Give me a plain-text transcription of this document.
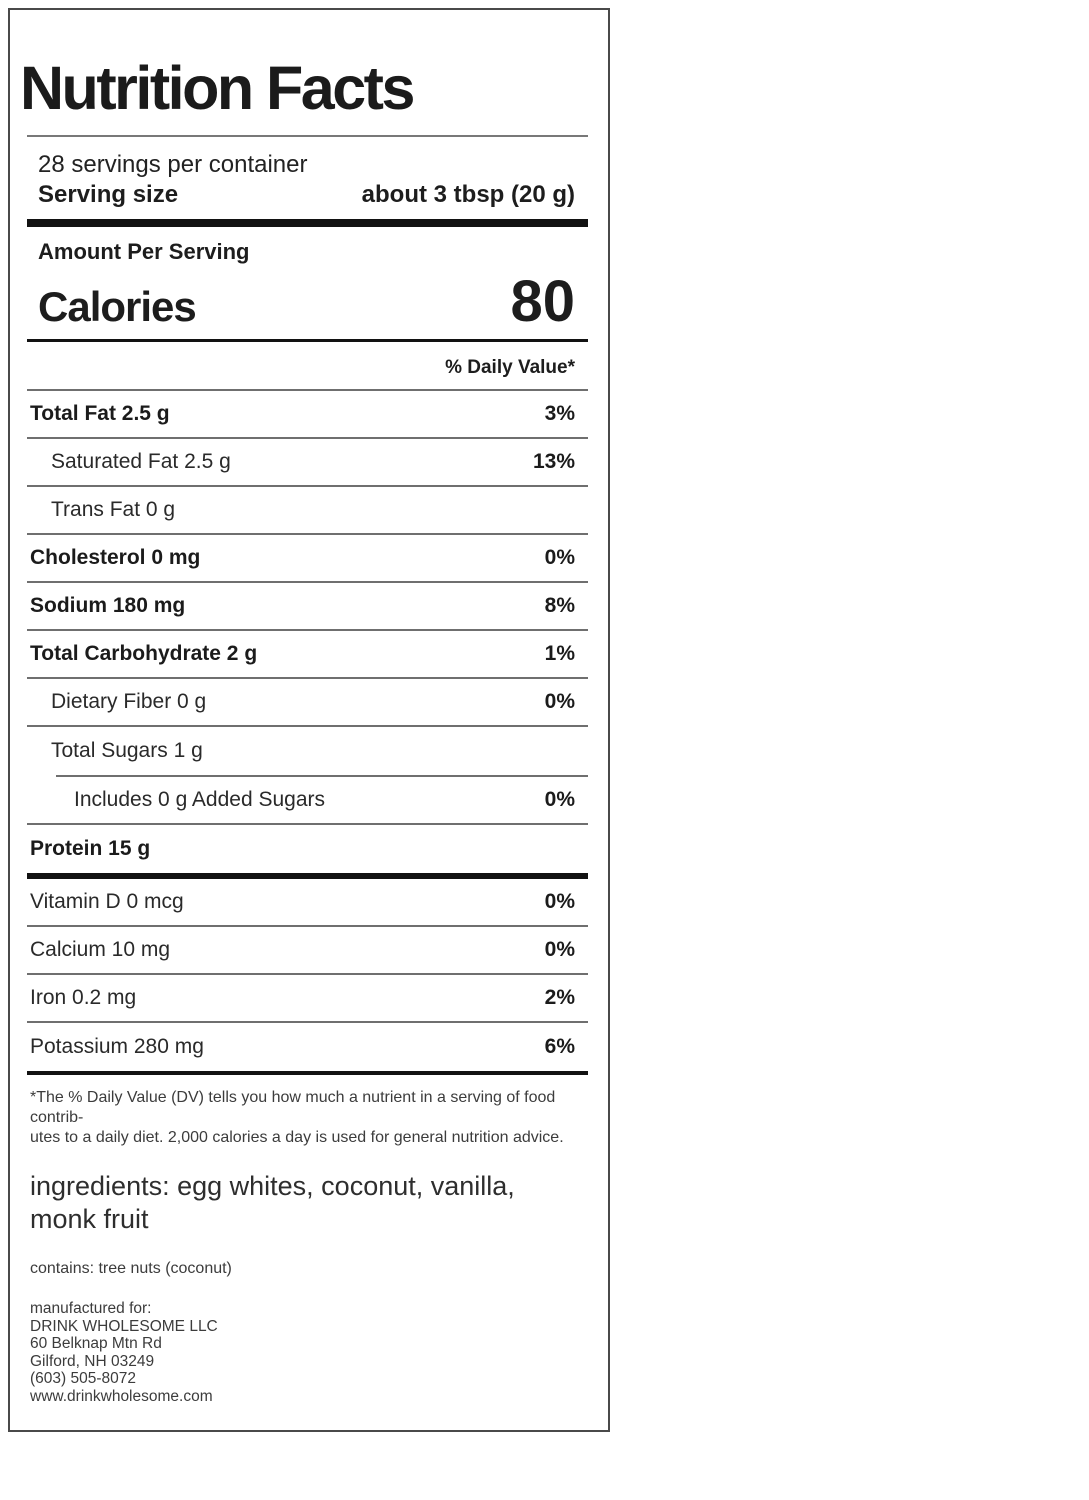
Nutrition Facts
28 servings per container
Serving size	about 3 tbsp (20 g)
Amount Per Serving
Calories	80
% Daily Value*
Total Fat 2.5 g	3%
Saturated Fat 2.5 g	13%
Trans Fat 0 g
Cholesterol 0 mg	0%
Sodium 180 mg	8%
Total Carbohydrate 2 g	1%
Dietary Fiber 0 g	0%
Total Sugars 1 g
Includes 0 g Added Sugars	0%
Protein 15 g
Vitamin D 0 mcg	0%
Calcium 10 mg	0%
Iron 0.2 mg	2%
Potassium 280 mg	6%
*The % Daily Value (DV) tells you how much a nutrient in a serving of food contrib-
utes to a daily diet. 2,000 calories a day is used for general nutrition advice.
ingredients: egg whites, coconut, vanilla, monk fruit
contains: tree nuts (coconut)
manufactured for:
DRINK WHOLESOME LLC
60 Belknap Mtn Rd
Gilford, NH 03249
(603) 505-8072
www.drinkwholesome.com
